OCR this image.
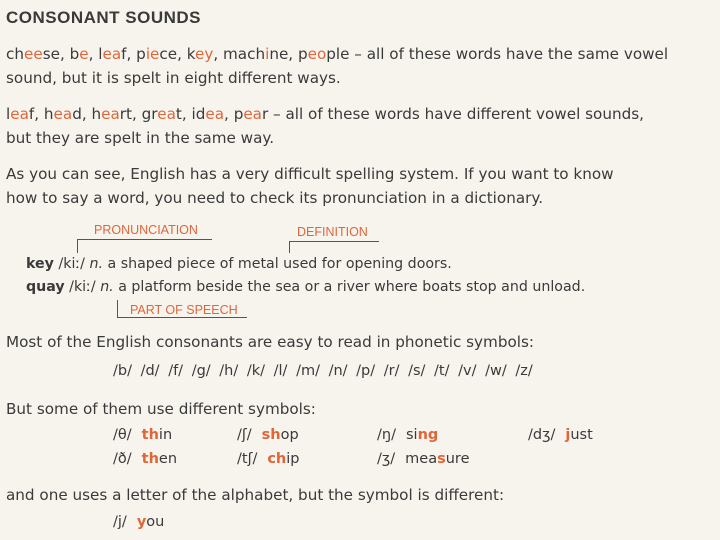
CONSONANT SOUNDS
cheese, be, leaf, piece, key, machine, people – all of these words have the same vowel
sound, but it is spelt in eight different ways.
leaf, head, heart, great, idea, pear – all of these words have different vowel sounds,
but they are spelt in the same way.
As you can see, English has a very difficult spelling system. If you want to know
how to say a word, you need to check its pronunciation in a dictionary.
PRONUNCIATION	DEFINITION
key /kiː/ n. a shaped piece of metal used for opening doors.
quay /kiː/ n. a platform beside the sea or a river where boats stop and unload.
PART OF SPEECH
Most of the English consonants are easy to read in phonetic symbols:
/b/ /d/ /f/ /g/ /h/ /k/ /l/ /m/ /n/ /p/ /r/ /s/ /t/ /v/ /w/ /z/
But some of them use different symbols:
/θ/ thin	/ʃ/ shop	/ŋ/ sing	/dʒ/ just
/ð/ then	/tʃ/ chip	/ʒ/ measure
and one uses a letter of the alphabet, but the symbol is different:
/j/ you
